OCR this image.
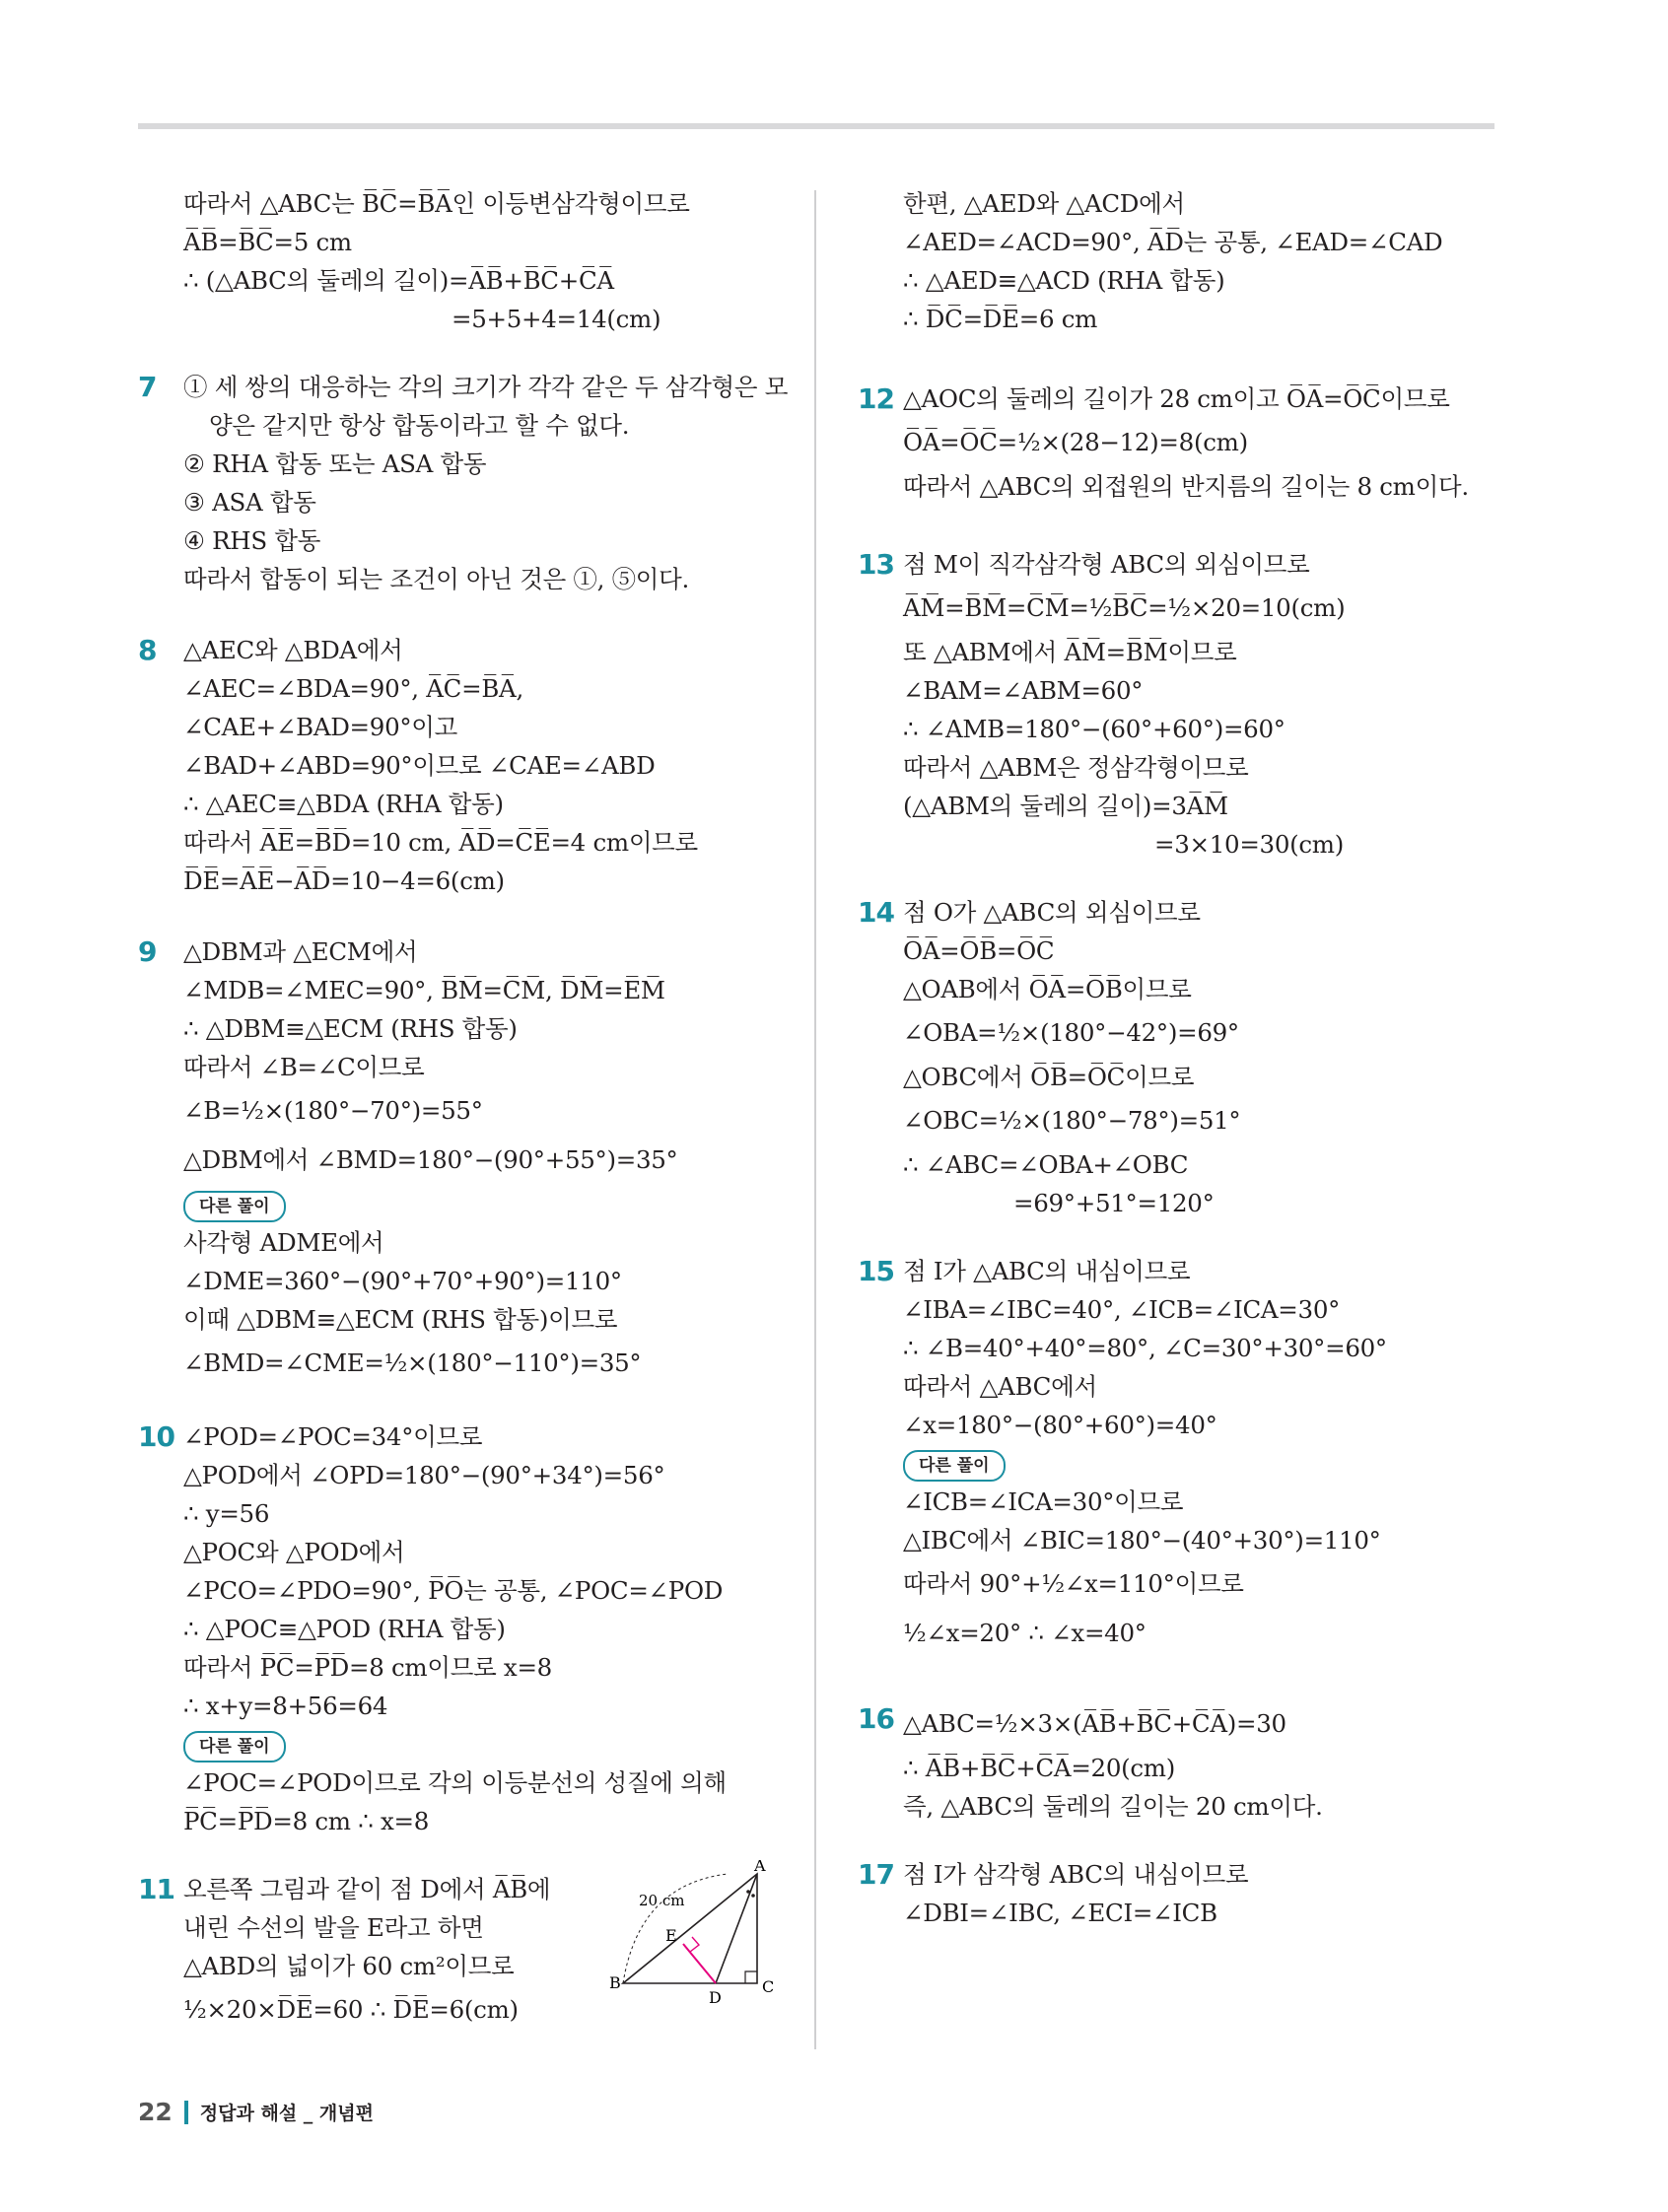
따라서 △ABC는 B̅C̅=B̅A̅인 이등변삼각형이므로
A̅B̅=B̅C̅=5 cm
∴ (△ABC의 둘레의 길이)=A̅B̅+B̅C̅+C̅A̅
=5+5+4=14(cm)
7	① 세 쌍의 대응하는 각의 크기가 각각 같은 두 삼각형은 모
양은 같지만 항상 합동이라고 할 수 없다.
② RHA 합동 또는 ASA 합동
③ ASA 합동
④ RHS 합동
따라서 합동이 되는 조건이 아닌 것은 ①, ⑤이다.
8	△AEC와 △BDA에서
∠AEC=∠BDA=90°, A̅C̅=B̅A̅,
∠CAE+∠BAD=90°이고
∠BAD+∠ABD=90°이므로 ∠CAE=∠ABD
∴ △AEC≡△BDA (RHA 합동)
따라서 A̅E̅=B̅D̅=10 cm, A̅D̅=C̅E̅=4 cm이므로
D̅E̅=A̅E̅−A̅D̅=10−4=6(cm)
9	△DBM과 △ECM에서
∠MDB=∠MEC=90°, B̅M̅=C̅M̅, D̅M̅=E̅M̅
∴ △DBM≡△ECM (RHS 합동)
따라서 ∠B=∠C이므로
∠B=½×(180°−70°)=55°
△DBM에서 ∠BMD=180°−(90°+55°)=35°
다른 풀이
사각형 ADME에서
∠DME=360°−(90°+70°+90°)=110°
이때 △DBM≡△ECM (RHS 합동)이므로
∠BMD=∠CME=½×(180°−110°)=35°
10 ∠POD=∠POC=34°이므로
△POD에서 ∠OPD=180°−(90°+34°)=56°
∴ y=56
△POC와 △POD에서
∠PCO=∠PDO=90°, P̅O̅는 공통, ∠POC=∠POD
∴ △POC≡△POD (RHA 합동)
따라서 P̅C̅=P̅D̅=8 cm이므로 x=8
∴ x+y=8+56=64
다른 풀이
∠POC=∠POD이므로 각의 이등분선의 성질에 의해
P̅C̅=P̅D̅=8 cm ∴ x=8
11 오른쪽 그림과 같이 점 D에서 A̅B̅에
내린 수선의 발을 E라고 하면
△ABD의 넓이가 60 cm²이므로
½×20×D̅E̅=60 ∴ D̅E̅=6(cm)
A
B	C
D
E
20 cm
한편, △AED와 △ACD에서
∠AED=∠ACD=90°, A̅D̅는 공통, ∠EAD=∠CAD
∴ △AED≡△ACD (RHA 합동)
∴ D̅C̅=D̅E̅=6 cm
12 △AOC의 둘레의 길이가 28 cm이고 O̅A̅=O̅C̅이므로
O̅A̅=O̅C̅=½×(28−12)=8(cm)
따라서 △ABC의 외접원의 반지름의 길이는 8 cm이다.
13 점 M이 직각삼각형 ABC의 외심이므로
A̅M̅=B̅M̅=C̅M̅=½B̅C̅=½×20=10(cm)
또 △ABM에서 A̅M̅=B̅M̅이므로
∠BAM=∠ABM=60°
∴ ∠AMB=180°−(60°+60°)=60°
따라서 △ABM은 정삼각형이므로
(△ABM의 둘레의 길이)=3A̅M̅
=3×10=30(cm)
14 점 O가 △ABC의 외심이므로
O̅A̅=O̅B̅=O̅C̅
△OAB에서 O̅A̅=O̅B̅이므로
∠OBA=½×(180°−42°)=69°
△OBC에서 O̅B̅=O̅C̅이므로
∠OBC=½×(180°−78°)=51°
∴ ∠ABC=∠OBA+∠OBC
=69°+51°=120°
15 점 I가 △ABC의 내심이므로
∠IBA=∠IBC=40°, ∠ICB=∠ICA=30°
∴ ∠B=40°+40°=80°, ∠C=30°+30°=60°
따라서 △ABC에서
∠x=180°−(80°+60°)=40°
다른 풀이
∠ICB=∠ICA=30°이므로
△IBC에서 ∠BIC=180°−(40°+30°)=110°
따라서 90°+½∠x=110°이므로
½∠x=20° ∴ ∠x=40°
16 △ABC=½×3×(A̅B̅+B̅C̅+C̅A̅)=30
∴ A̅B̅+B̅C̅+C̅A̅=20(cm)
즉, △ABC의 둘레의 길이는 20 cm이다.
17 점 I가 삼각형 ABC의 내심이므로
∠DBI=∠IBC, ∠ECI=∠ICB
22 정답과 해설 _ 개념편
